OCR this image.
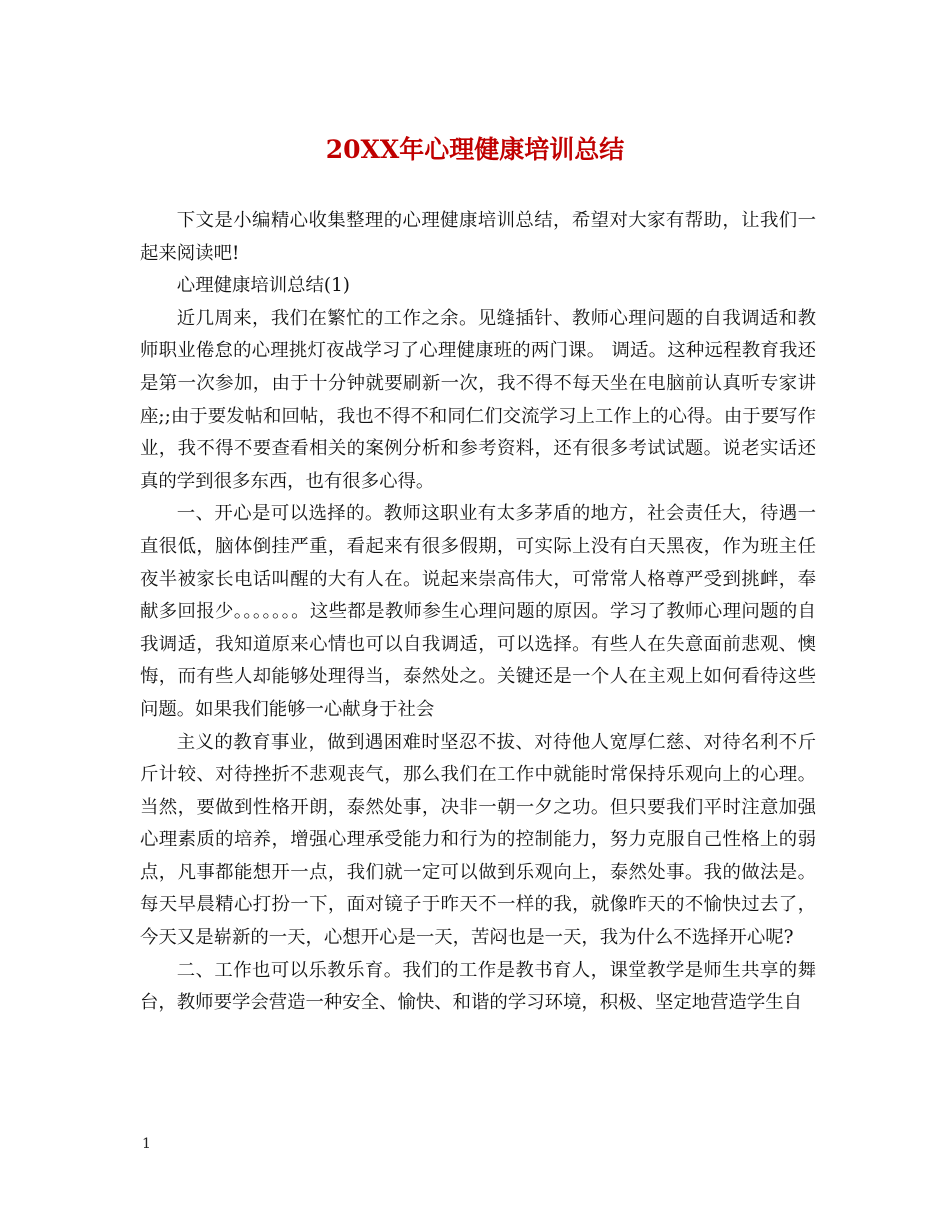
20XX年心理健康培训总结

下文是小编精心收集整理的心理健康培训总结，希望对大家有帮助，让我们一起来阅读吧!

心理健康培训总结(1)

近几周来，我们在繁忙的工作之余。见缝插针、教师心理问题的自我调适和教师职业倦怠的心理挑灯夜战学习了心理健康班的两门课。 调适。这种远程教育我还是第一次参加，由于十分钟就要刷新一次，我不得不每天坐在电脑前认真听专家讲座;;由于要发帖和回帖，我也不得不和同仁们交流学习上工作上的心得。由于要写作业，我不得不要查看相关的案例分析和参考资料，还有很多考试试题。说老实话还真的学到很多东西，也有很多心得。

一、开心是可以选择的。教师这职业有太多茅盾的地方，社会责任大，待遇一直很低，脑体倒挂严重，看起来有很多假期，可实际上没有白天黑夜，作为班主任夜半被家长电话叫醒的大有人在。说起来崇高伟大，可常常人格尊严受到挑衅，奉献多回报少。。。。。。。这些都是教师参生心理问题的原因。学习了教师心理问题的自我调适，我知道原来心情也可以自我调适，可以选择。有些人在失意面前悲观、懊悔，而有些人却能够处理得当，泰然处之。关键还是一个人在主观上如何看待这些问题。如果我们能够一心献身于社会

主义的教育事业，做到遇困难时坚忍不拔、对待他人宽厚仁慈、对待名利不斤斤计较、对待挫折不悲观丧气，那么我们在工作中就能时常保持乐观向上的心理。当然，要做到性格开朗，泰然处事，决非一朝一夕之功。但只要我们平时注意加强心理素质的培养，增强心理承受能力和行为的控制能力，努力克服自己性格上的弱点，凡事都能想开一点，我们就一定可以做到乐观向上，泰然处事。我的做法是。每天早晨精心打扮一下，面对镜子于昨天不一样的我，就像昨天的不愉快过去了，今天又是崭新的一天，心想开心是一天，苦闷也是一天，我为什么不选择开心呢?

二、工作也可以乐教乐育。我们的工作是教书育人，课堂教学是师生共享的舞台，教师要学会营造一种安全、愉快、和谐的学习环境，积极、坚定地营造学生自

1
